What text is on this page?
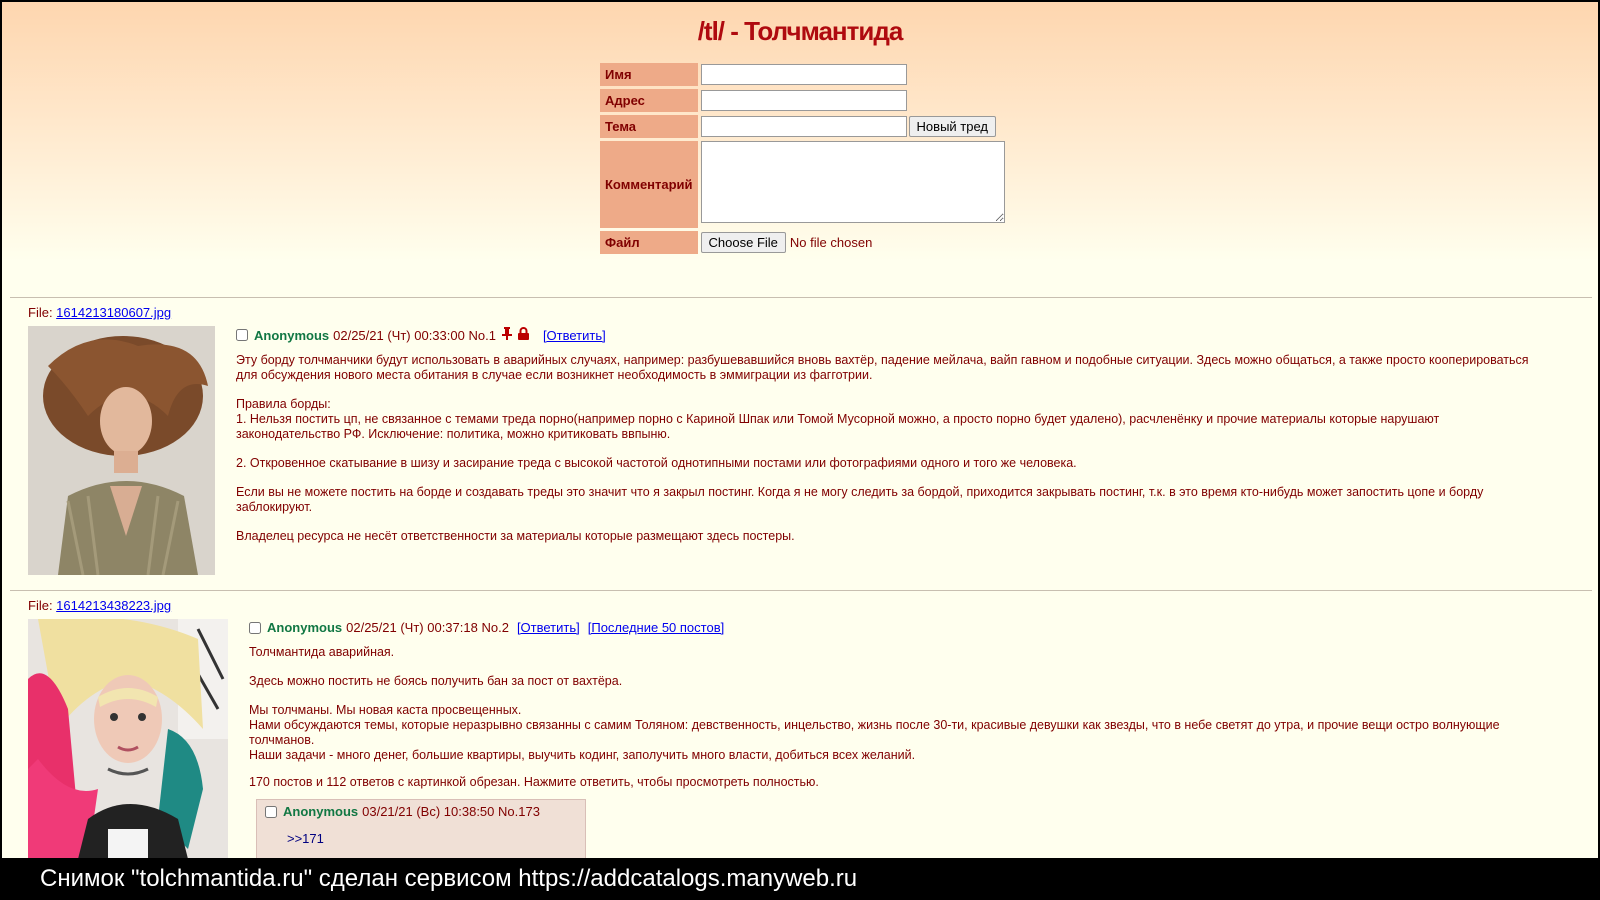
/tl/ - Толчмантида
Имя	
Адрес	
Тема	Новый тред
Комментарий	
Файл	Choose File No file chosen
File: 1614213180607.jpg
Anonymous 02/25/21 (Чт) 00:33:00
No.1	[Ответить]

Эту борду толчманчики будут использовать в аварийных случаях, например: разбушевавшийся вновь вахтёр, падение мейлача, вайп гавном и подобные ситуации. Здесь можно общаться, а также просто кооперироваться для обсуждения нового места обитания в случае если возникнет необходимость в эммиграции из фагготрии.

Правила борды:

1. Нельзя постить цп, не связанное с темами треда порно(например порно с Кариной Шпак или Томой Мусорной можно, а просто порно будет удалено), расчленёнку и прочие материалы которые нарушают законодательство РФ. Исключение: политика, можно критиковать ввпыню.

2. Откровенное скатывание в шизу и засирание треда с высокой частотой однотипными постами или фотографиями одного и того же человека.

Если вы не можете постить на борде и создавать треды это значит что я закрыл постинг. Когда я не могу следить за бордой, приходится закрывать постинг, т.к. в это время кто-нибудь может запостить цопе и борду заблокируют.

Владелец ресурса не несёт ответственности за материалы которые размещают здесь постеры.

File: 1614213438223.jpg
Anonymous 02/25/21 (Чт) 00:37:18
No.2 [Ответить] [Последние 50 постов]

Толчмантида аварийная.

Здесь можно постить не боясь получить бан за пост от вахтёра.

Мы толчманы. Мы новая каста просвещенных.

Нами обсуждаются темы, которые неразрывно связанны с самим Толяном: девственность, инцельство, жизнь после 30-ти, красивые девушки как звезды, что в небе светят до утра, и прочие вещи остро волнующие толчманов.

Наши задачи - много денег, большие квартиры, выучить кодинг, заполучить много власти, добиться всех желаний.

170 постов и 112 ответов с картинкой обрезан. Нажмите ответить, чтобы просмотреть полностью.

Anonymous 03/21/21 (Вс) 10:38:50
No.173
>>171
Снимок "tolchmantida.ru" сделан сервисом https://addcatalogs.manyweb.ru
